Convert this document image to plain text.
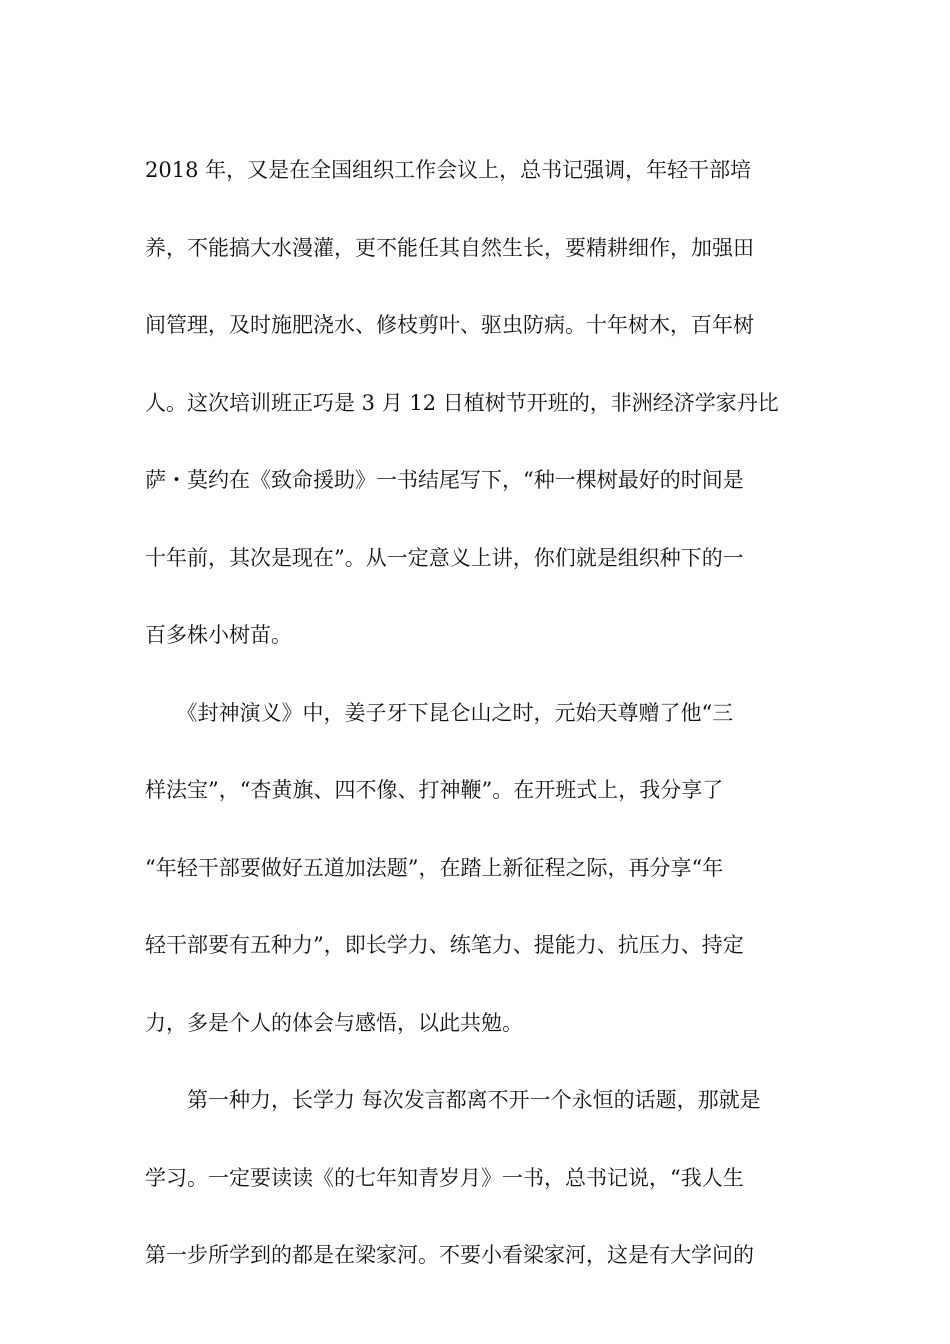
2018 年，又是在全国组织工作会议上，总书记强调，年轻干部培
养，不能搞大水漫灌，更不能任其自然生长，要精耕细作，加强田
间管理，及时施肥浇水、修枝剪叶、驱虫防病。十年树木，百年树
人。这次培训班正巧是 3 月 12 日植树节开班的，非洲经济学家丹比
萨・莫约在《致命援助》一书结尾写下，“种一棵树最好的时间是
十年前，其次是现在”。从一定意义上讲，你们就是组织种下的一
百多株小树苗。
　　《封神演义》中，姜子牙下昆仑山之时，元始天尊赠了他“三
样法宝”，“杏黄旗、四不像、打神鞭”。在开班式上，我分享了
“年轻干部要做好五道加法题”，在踏上新征程之际，再分享“年
轻干部要有五种力”，即长学力、练笔力、提能力、抗压力、持定
力，多是个人的体会与感悟，以此共勉。
　　第一种力，长学力 每次发言都离不开一个永恒的话题，那就是
学习。一定要读读《的七年知青岁月》一书，总书记说，“我人生
第一步所学到的都是在梁家河。不要小看梁家河，这是有大学问的
